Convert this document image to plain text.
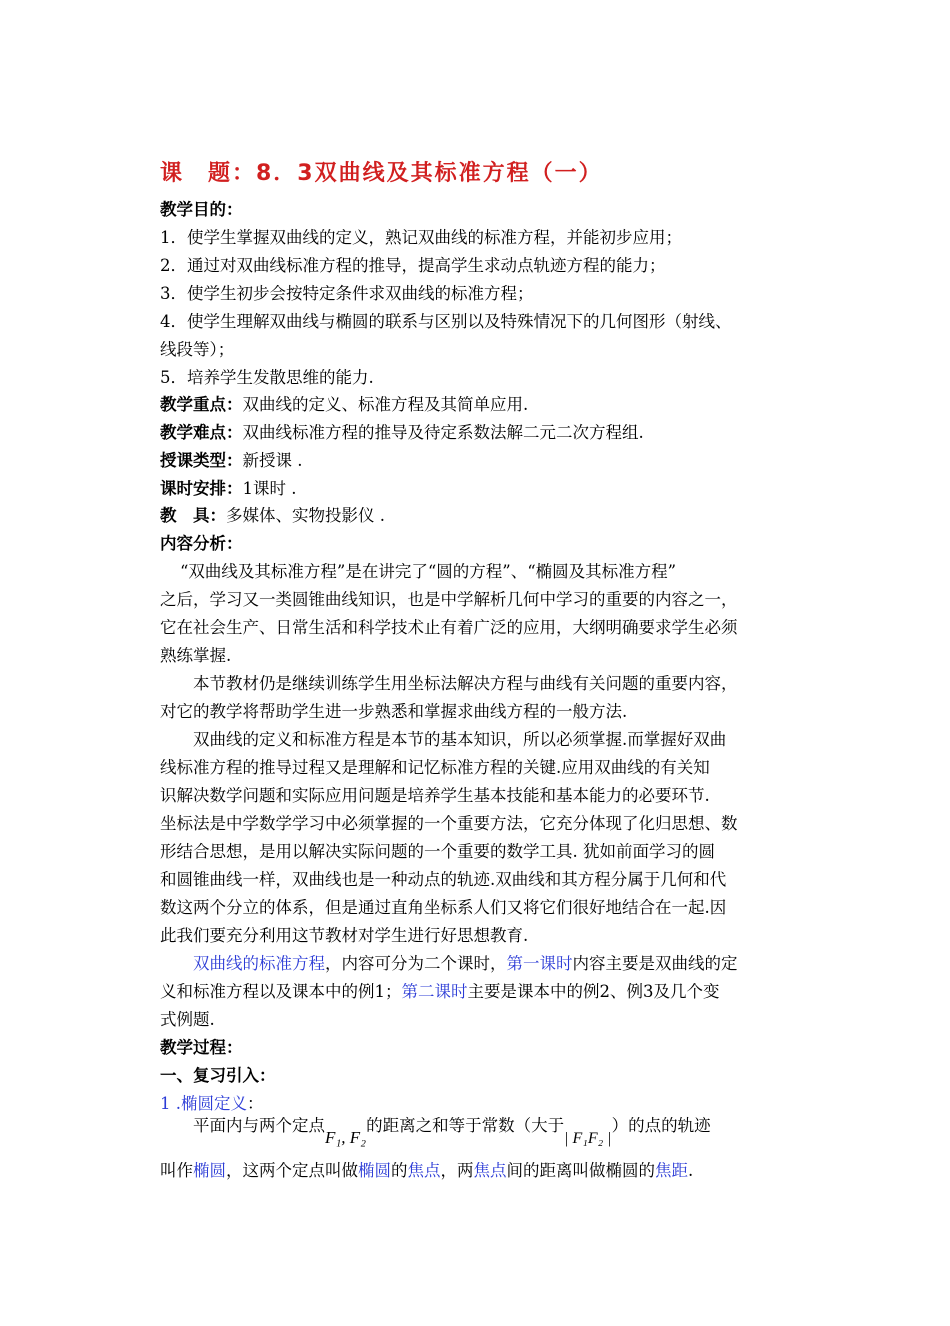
课　题：8．3双曲线及其标准方程（一）
教学目的：
1．使学生掌握双曲线的定义，熟记双曲线的标准方程，并能初步应用；
2．通过对双曲线标准方程的推导，提高学生求动点轨迹方程的能力；
3．使学生初步会按特定条件求双曲线的标准方程；
4．使学生理解双曲线与椭圆的联系与区别以及特殊情况下的几何图形（射线、
线段等）；
5．培养学生发散思维的能力.
教学重点：双曲线的定义、标准方程及其简单应用.
教学难点：双曲线标准方程的推导及待定系数法解二元二次方程组.
授课类型：新授课 .
课时安排：1课时 .
教　具：多媒体、实物投影仪 .
内容分析：
“双曲线及其标准方程”是在讲完了“圆的方程”、“椭圆及其标准方程”
之后，学习又一类圆锥曲线知识，也是中学解析几何中学习的重要的内容之一，
它在社会生产、日常生活和科学技术止有着广泛的应用，大纲明确要求学生必须
熟练掌握.
本节教材仍是继续训练学生用坐标法解决方程与曲线有关问题的重要内容，
对它的教学将帮助学生进一步熟悉和掌握求曲线方程的一般方法.
双曲线的定义和标准方程是本节的基本知识，所以必须掌握.而掌握好双曲
线标准方程的推导过程又是理解和记忆标准方程的关键.应用双曲线的有关知
识解决数学问题和实际应用问题是培养学生基本技能和基本能力的必要环节.
坐标法是中学数学学习中必须掌握的一个重要方法，它充分体现了化归思想、数
形结合思想，是用以解决实际问题的一个重要的数学工具. 犹如前面学习的圆
和圆锥曲线一样，双曲线也是一种动点的轨迹.双曲线和其方程分属于几何和代
数这两个分立的体系，但是通过直角坐标系人们又将它们很好地结合在一起.因
此我们要充分利用这节教材对学生进行好思想教育.
双曲线的标准方程，内容可分为二个课时，第一课时内容主要是双曲线的定
义和标准方程以及课本中的例1；第二课时主要是课本中的例2、例3及几个变
式例题.
教学过程：
一、复习引入：
1 .椭圆定义：
平面内与两个定点F₁, F₂的距离之和等于常数（大于| F₁F₂ |）的点的轨迹
叫作椭圆，这两个定点叫做椭圆的焦点，两焦点间的距离叫做椭圆的焦距.
